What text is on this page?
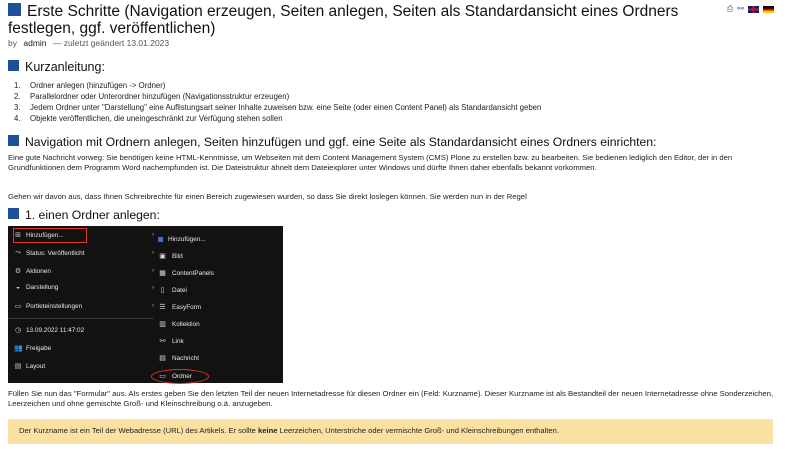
Erste Schritte (Navigation erzeugen, Seiten anlegen, Seiten als Standardansicht eines Ordners festlegen, ggf. veröffentlichen)
by admin — zuletzt geändert 13.01.2023
⎙ ⚯
Kurzanleitung:
1.	Ordner anlegen (hinzufügen -> Ordner)
2.	Parallelordner oder Unterordner hinzufügen (Navigationsstruktur erzeugen)
3.	Jedem Ordner unter "Darstellung" eine Auflistungsart seiner Inhalte zuweisen bzw. eine Seite (oder einen Content Panel) als Standardansicht geben
4.	Objekte veröffentlichen, die uneingeschränkt zur Verfügung stehen sollen
Navigation mit Ordnern anlegen, Seiten hinzufügen und ggf. eine Seite als Standardansicht eines Ordners einrichten:

Eine gute Nachricht vorweg: Sie benötigen keine HTML-Kenntnisse, um Webseiten mit dem Content Management System (CMS) Plone zu erstellen bzw. zu bearbeiten. Sie bedienen lediglich den Editor, der in den Grundfunktionen dem Programm Word nachempfunden ist. Die Dateistruktur ähnelt dem Dateiexplorer unter Windows und dürfte Ihnen daher ebenfalls bekannt vorkommen.

Gehen wir davon aus, dass Ihnen Schreibrechte für einen Bereich zugewiesen wurden, so dass Sie direkt loslegen können. Sie werden nun in der Regel

1. einen Ordner anlegen:
⊞ Hinzufügen...	›
⤳ Status: Veröffentlicht	›
⚙ Aktionen	›
◒ Darstellung	›
▭ Portleteinstellungen	›
◷ 13.09.2022 11:47:02
👥 Freigabe
▤ Layout
Hinzufügen...
▣ Bild
▦ ContentPanels
▯	Datei
☰ EasyForm
▥ Kollektion
⚯ Link
▤ Nachricht
▭ Ordner

Füllen Sie nun das "Formular" aus. Als erstes geben Sie den letzten Teil der neuen Internetadresse für diesen Ordner ein (Feld: Kurzname). Dieser Kurzname ist als Bestandteil der neuen Internetadresse ohne Sonderzeichen, Leerzeichen und ohne gemischte Groß- und Kleinschreibung o.ä. anzugeben.

Der Kurzname ist ein Teil der Webadresse (URL) des Artikels. Er sollte keine Leerzeichen, Unterstriche oder vermischte Groß- und Kleinschreibungen enthalten.
